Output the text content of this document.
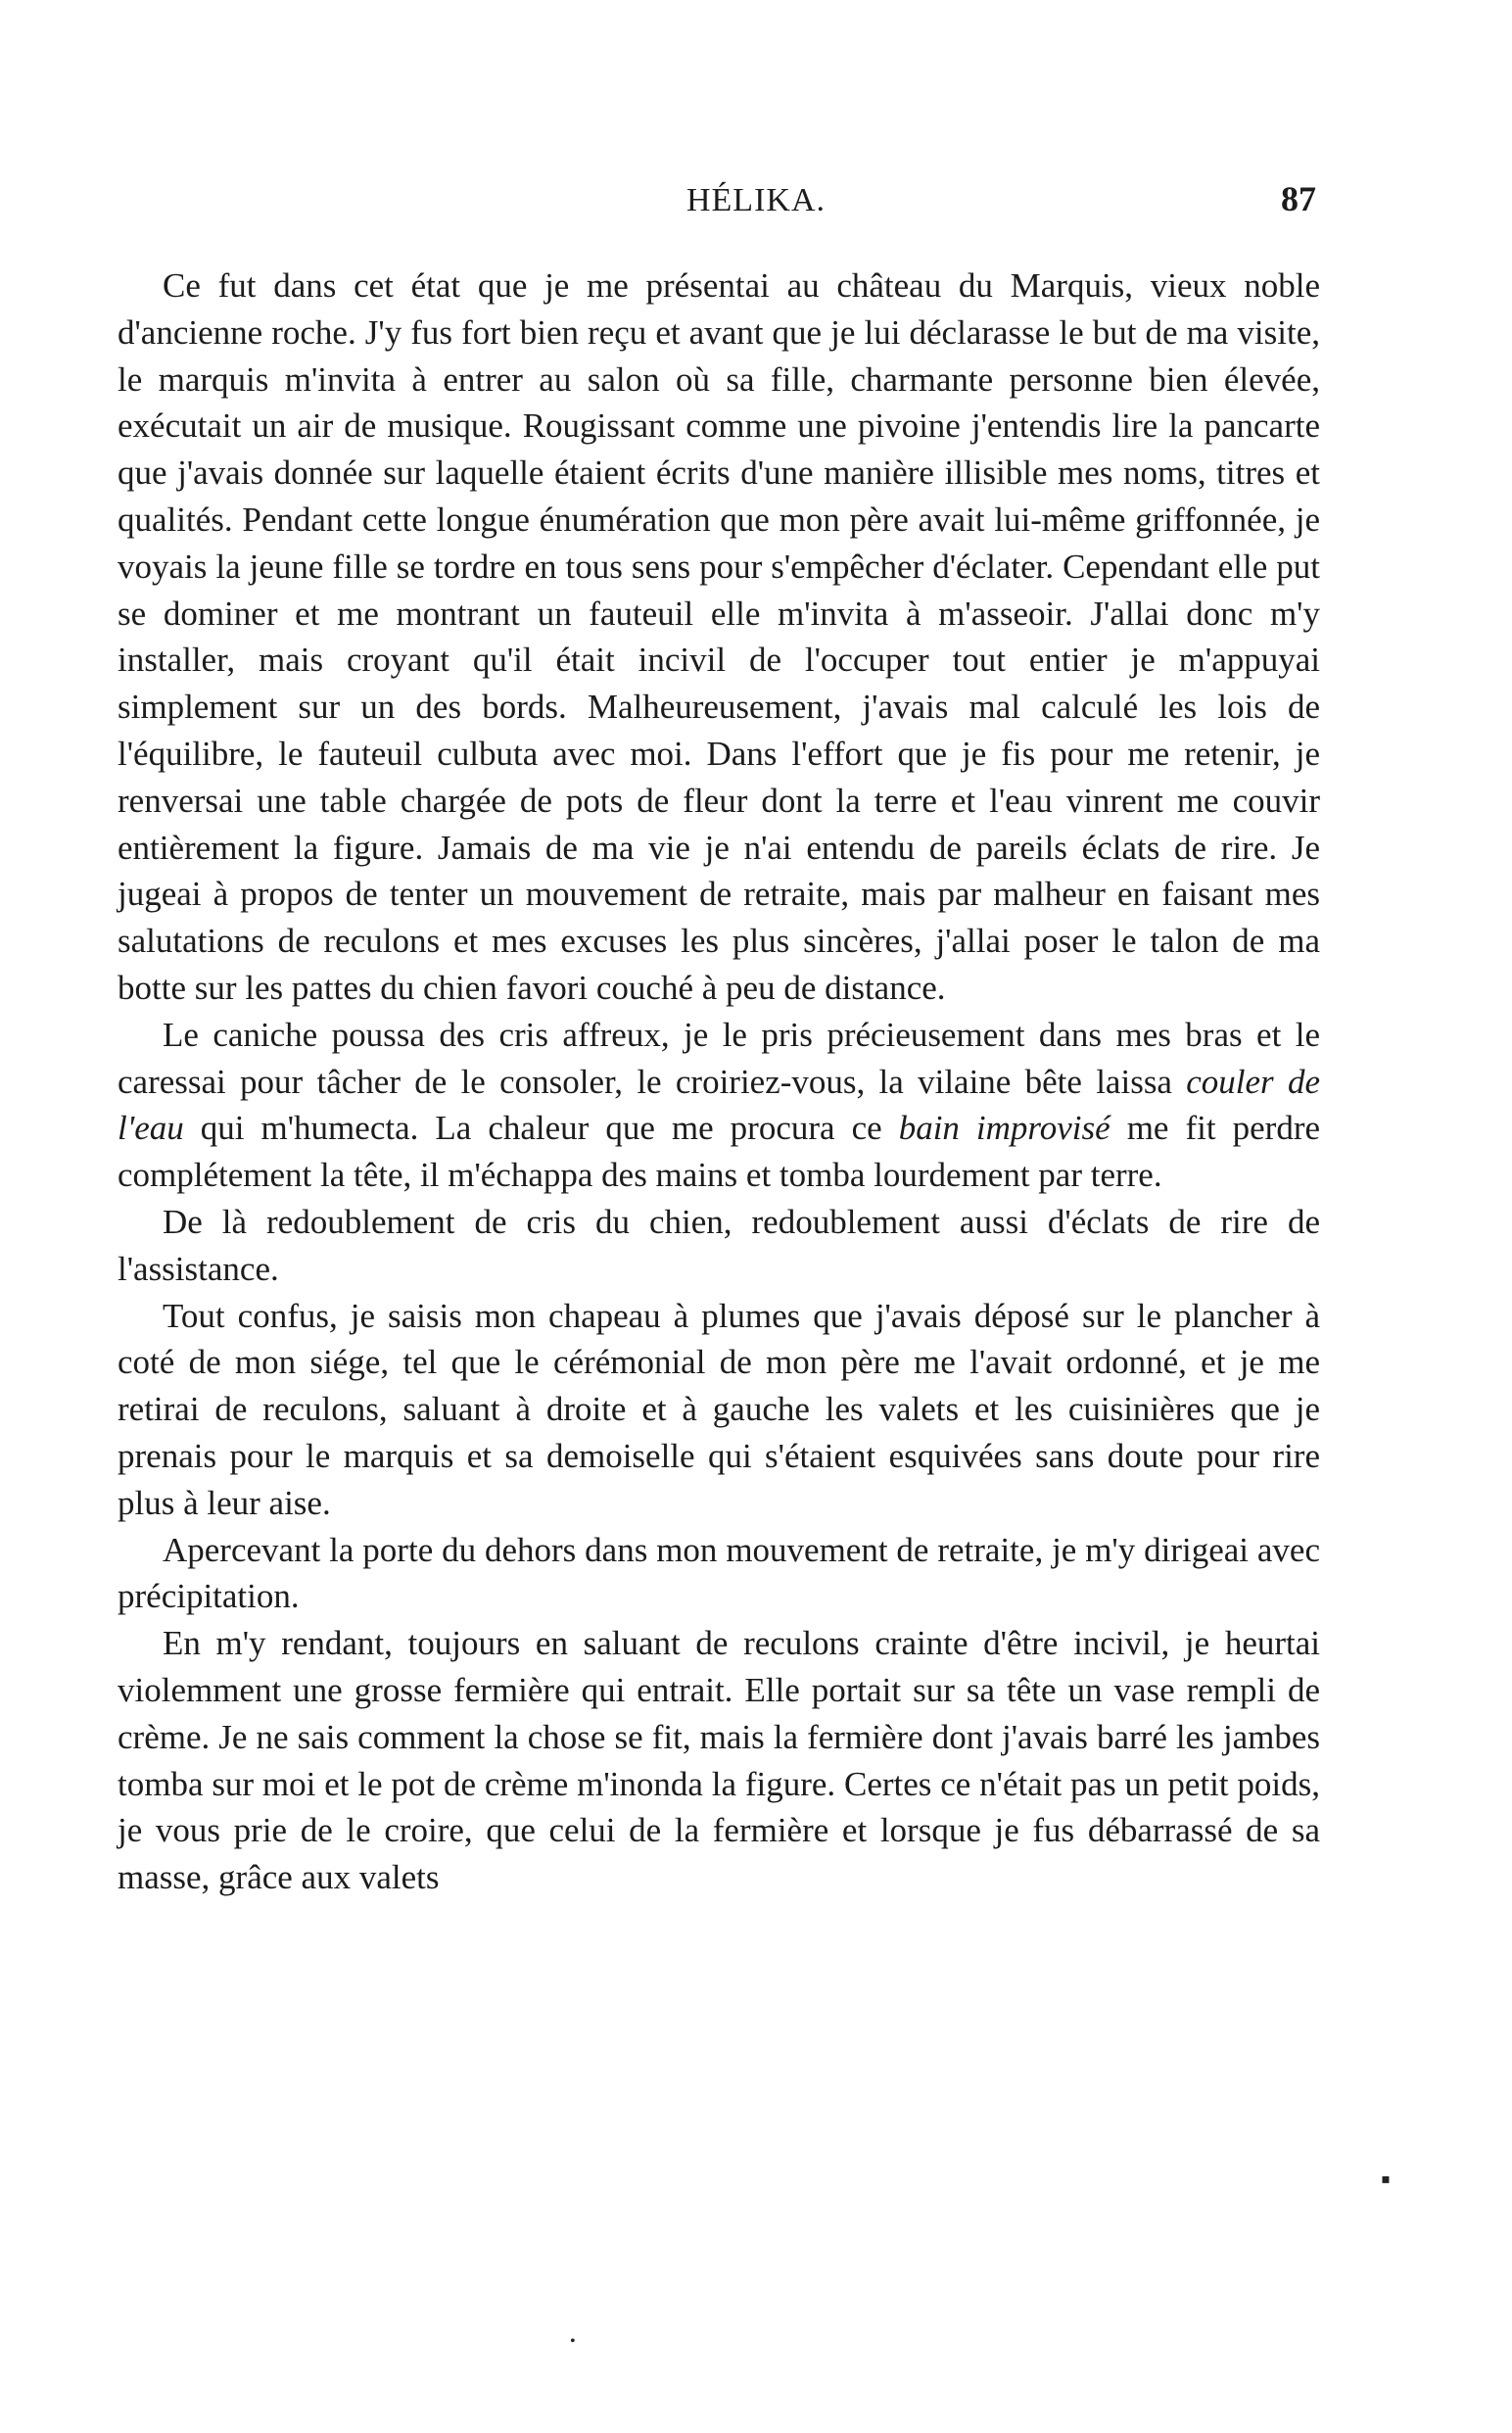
HÉLIKA.	87

Ce fut dans cet état que je me présentai au château du Marquis, vieux noble d'ancienne roche. J'y fus fort bien reçu et avant que je lui déclarasse le but de ma visite, le marquis m'invita à entrer au salon où sa fille, charmante personne bien élevée, exécutait un air de musique. Rougissant comme une pivoine j'entendis lire la pancarte que j'avais donnée sur laquelle étaient écrits d'une manière illisible mes noms, titres et qualités. Pendant cette longue énumération que mon père avait lui-même griffonnée, je voyais la jeune fille se tordre en tous sens pour s'empêcher d'éclater. Cependant elle put se dominer et me montrant un fauteuil elle m'invita à m'asseoir. J'allai donc m'y installer, mais croyant qu'il était incivil de l'occuper tout entier je m'appuyai simplement sur un des bords. Malheureusement, j'avais mal calculé les lois de l'équilibre, le fauteuil culbuta avec moi. Dans l'effort que je fis pour me retenir, je renversai une table chargée de pots de fleur dont la terre et l'eau vinrent me couvir entièrement la figure. Jamais de ma vie je n'ai entendu de pareils éclats de rire. Je jugeai à propos de tenter un mouvement de retraite, mais par malheur en faisant mes salutations de reculons et mes excuses les plus sincères, j'allai poser le talon de ma botte sur les pattes du chien favori couché à peu de distance.

Le caniche poussa des cris affreux, je le pris précieusement dans mes bras et le caressai pour tâcher de le consoler, le croiriez-vous, la vilaine bête laissa couler de l'eau qui m'humecta. La chaleur que me procura ce bain improvisé me fit perdre complétement la tête, il m'échappa des mains et tomba lourdement par terre.

De là redoublement de cris du chien, redoublement aussi d'éclats de rire de l'assistance.

Tout confus, je saisis mon chapeau à plumes que j'avais déposé sur le plancher à coté de mon siége, tel que le cérémonial de mon père me l'avait ordonné, et je me retirai de reculons, saluant à droite et à gauche les valets et les cuisinières que je prenais pour le marquis et sa demoiselle qui s'étaient esquivées sans doute pour rire plus à leur aise.

Apercevant la porte du dehors dans mon mouvement de retraite, je m'y dirigeai avec précipitation.

En m'y rendant, toujours en saluant de reculons crainte d'être incivil, je heurtai violemment une grosse fermière qui entrait. Elle portait sur sa tête un vase rempli de crème. Je ne sais comment la chose se fit, mais la fermière dont j'avais barré les jambes tomba sur moi et le pot de crème m'inonda la figure. Certes ce n'était pas un petit poids, je vous prie de le croire, que celui de la fermière et lorsque je fus débarrassé de sa masse, grâce aux valets

▪
•
